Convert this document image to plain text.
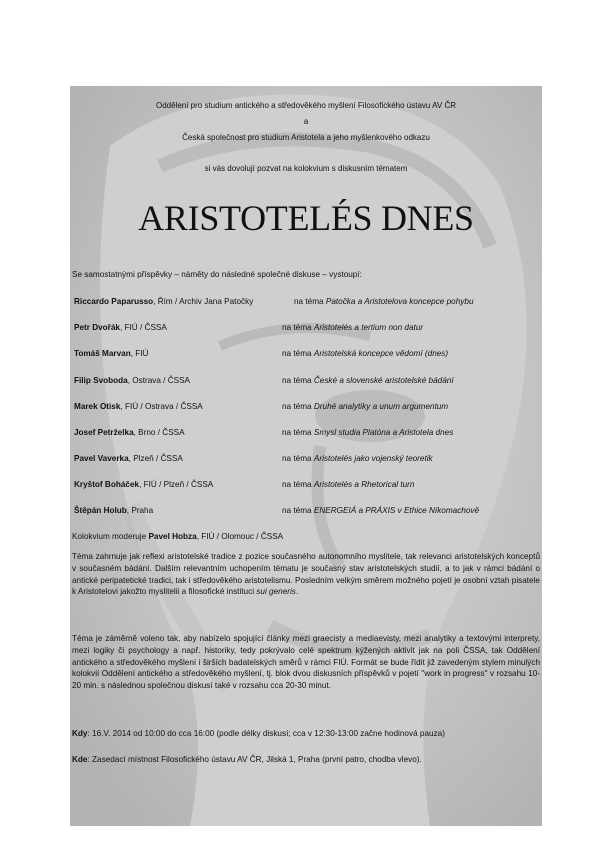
Oddělení pro studium antického a středověkého myšlení Filosofického ústavu AV ČR
a
Česká společnost pro studium Aristotela a jeho myšlenkového odkazu
si vás dovolují pozvat na kolokvium s diskusním tématem
ARISTOTELÉS DNES
Se samostatnými příspěvky – náměty do následné společné diskuse – vystoupí:
Riccardo Paparusso, Řím / Archiv Jana Patočky	na téma Patočka a Aristotelova koncepce pohybu
Petr Dvořák, FIÚ / ČSSA	na téma Aristotelés a tertium non datur
Tomáš Marvan, FIÚ	na téma Aristotelská koncepce vědomí (dnes)
Filip Svoboda, Ostrava / ČSSA	na téma České a slovenské aristotelské bádání
Marek Otisk, FIÚ / Ostrava / ČSSA	na téma Druhé analytiky a unum argumentum
Josef Petrželka, Brno / ČSSA	na téma Smysl studia Platóna a Aristotela dnes
Pavel Vaverka, Plzeň / ČSSA	na téma Aristotelés jako vojenský teoretik
Kryštof Boháček, FIÚ / Plzeň / ČSSA	na téma Aristotelés a Rhetorical turn
Štěpán Holub, Praha	na téma ENERGEIÁ a PRÁXIS v Ethice Níkomachově
Kolokvium moderuje Pavel Hobza, FIÚ / Olomouc / ČSSA
Téma zahrnuje jak reflexi aristotelské tradice z pozice současného autonomního myslitele, tak relevanci aristotelských konceptů v současném bádání. Dalším relevantním uchopením tématu je současný stav aristotelských studií, a to jak v rámci bádání o antické peripatetické tradici, tak i středověkého aristotelismu. Posledním velkým směrem možného pojetí je osobní vztah pisatele k Aristotelovi jakožto myslitelii a filosofické instituci sui generis.
Téma je záměrně voleno tak, aby nabízelo spojující články mezi graecisty a mediaevisty, mezi analytiky a textovými interprety, mezi logiky či psychology a např. historiky, tedy pokrývalo celé spektrum kýžených aktivit jak na poli ČSSA, tak Oddělení antického a středověkého myšlení i širších badatelských směrů v rámci FIÚ. Formát se bude řídit již zavedeným stylem minulých kolokvií Oddělení antického a středověkého myšlení, tj. blok dvou diskusních příspěvků v pojetí "work in progress" v rozsahu 10-20 min. s následnou společnou diskusí také v rozsahu cca 20-30 minut.
Kdy: 16.V. 2014 od 10:00 do cca 16:00 (podle délky diskusí; cca v 12:30-13:00 začne hodinová pauza)
Kde: Zasedací místnost Filosofického ústavu AV ČR, Jilská 1, Praha (první patro, chodba vlevo).
